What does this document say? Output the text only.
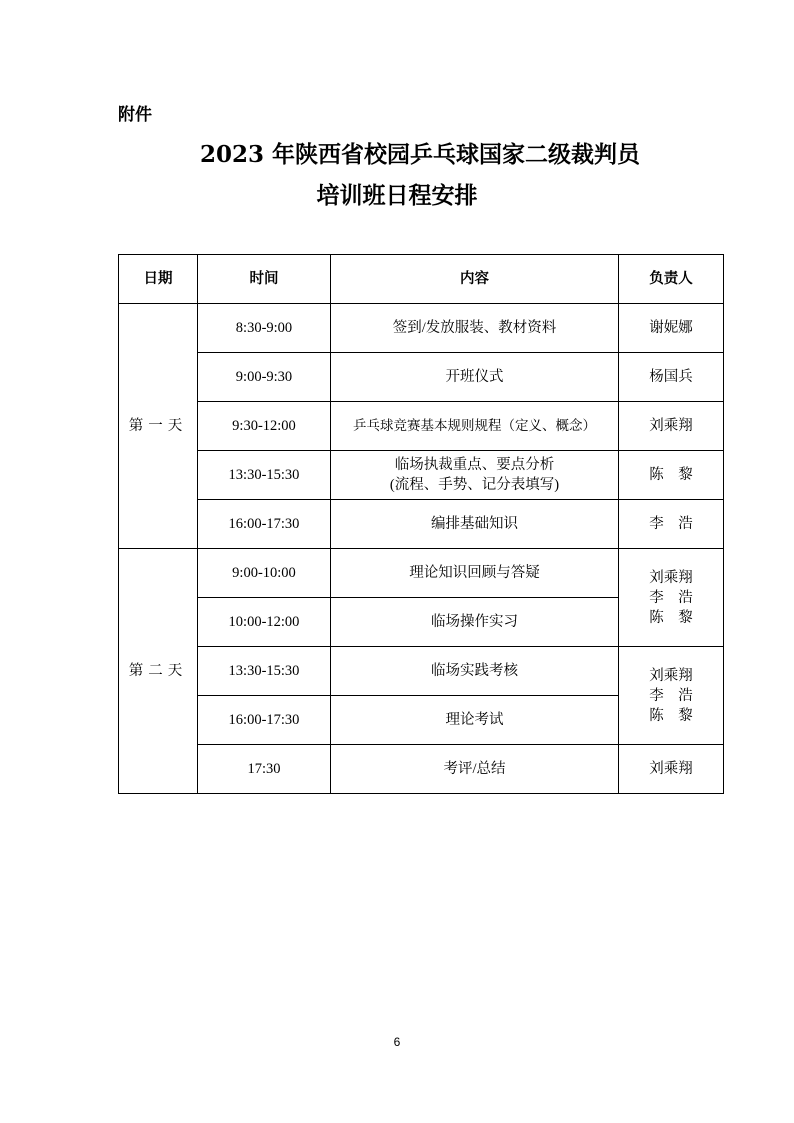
附件
2023 年陕西省校园乒乓球国家二级裁判员
培训班日程安排
日期	时间	内容	负责人
第一天	8:30-9:00	签到/发放服装、教材资料	谢妮娜
	9:00-9:30	开班仪式	杨国兵
	9:30-12:00	乒乓球竞赛基本规则规程（定义、概念）	刘乘翔
	13:30-15:30	临场执裁重点、要点分析
(流程、手势、记分表填写)	陈　黎
	16:00-17:30	编排基础知识	李　浩
第二天	9:00-10:00	理论知识回顾与答疑	刘乘翔
李　浩
陈　黎

	10:00-12:00	临场操作实习	
	13:30-15:30	临场实践考核	刘乘翔
李　浩
陈　黎

	16:00-17:30	理论考试	
	17:30	考评/总结	刘乘翔
6
